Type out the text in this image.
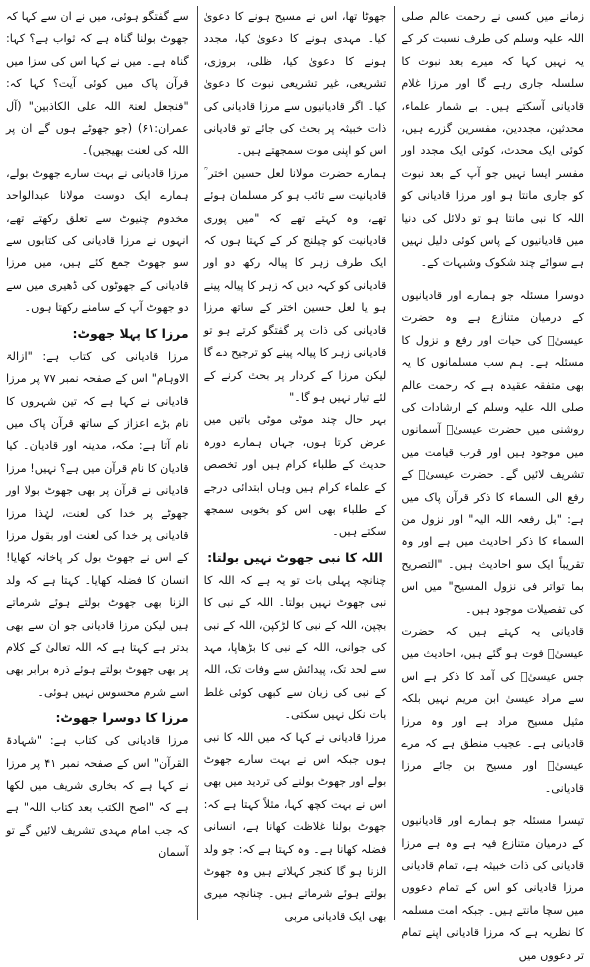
زمانے میں کسی نے رحمت عالم صلی اللہ علیہ وسلم کی طرف نسبت کر کے یہ نہیں کہا کہ میرے بعد نبوت کا سلسلہ جاری رہے گا اور مرزا غلام قادیانی آسکتے ہیں۔ بے شمار علماء، محدثین، مجددین، مفسرین گزرے ہیں، کوئی ایک محدث، کوئی ایک مجدد اور مفسر ایسا نہیں جو آپ کے بعد نبوت کو جاری مانتا ہو اور مرزا قادیانی کو اللہ کا نبی مانتا ہو تو دلائل کی دنیا میں قادیانیوں کے پاس کوئی دلیل نہیں ہے سوائے چند شکوک وشبہات کے۔

دوسرا مسئلہ جو ہمارے اور قادیانیوں کے درمیان متنازع ہے وہ حضرت عیسیٰؑ کی حیات اور رفع و نزول کا مسئلہ ہے۔ ہم سب مسلمانوں کا یہ بھی متفقہ عقیدہ ہے کہ رحمت عالم صلی اللہ علیہ وسلم کے ارشادات کی روشنی میں حضرت عیسیٰؑ آسمانوں میں موجود ہیں اور قرب قیامت میں تشریف لائیں گے۔ حضرت عیسیٰؑ کے رفع الی السماء کا ذکر قرآن پاک میں ہے: "بل رفعہ اللہ الیہ" اور نزول من السماء کا ذکر احادیث میں ہے اور وہ تقریباً ایک سو احادیث ہیں۔ "التصریح بما تواتر فی نزول المسیح" میں اس کی تفصیلات موجود ہیں۔

قادیانی یہ کہتے ہیں کہ حضرت عیسیٰؑ فوت ہو گئے ہیں، احادیث میں جس عیسیٰؑ کی آمد کا ذکر ہے اس سے مراد عیسیٰ ابن مریم نہیں بلکہ مثیل مسیح مراد ہے اور وہ مرزا قادیانی ہے۔ عجیب منطق ہے کہ مرے عیسیٰؑ اور مسیح بن جائے مرزا قادیانی۔

تیسرا مسئلہ جو ہمارے اور قادیانیوں کے درمیان متنازع فیہ ہے وہ ہے مرزا قادیانی کی ذات خبیثہ ہے، تمام قادیانی مرزا قادیانی کو اس کے تمام دعووں میں سچا مانتے ہیں۔ جبکہ امت مسلمہ کا نظریہ ہے کہ مرزا قادیانی اپنے تمام تر دعووں میں

جھوٹا تھا، اس نے مسیح ہونے کا دعویٰ کیا۔ مہدی ہونے کا دعویٰ کیا، مجدد ہونے کا دعویٰ کیا، ظلی، بروزی، تشریعی، غیر تشریعی نبوت کا دعویٰ کیا۔ اگر قادیانیوں سے مرزا قادیانی کی ذات خبیثہ پر بحث کی جائے تو قادیانی اس کو اپنی موت سمجھتے ہیں۔

ہمارے حضرت مولانا لعل حسین اختر ؒ قادیانیت سے تائب ہو کر مسلمان ہوئے تھے، وہ کہتے تھے کہ "میں پوری قادیانیت کو چیلنج کر کے کہتا ہوں کہ ایک طرف زہر کا پیالہ رکھ دو اور قادیانی کو کہہ دیں کہ زہر کا پیالہ پینے ہو یا لعل حسین اختر کے ساتھ مرزا قادیانی کی ذات پر گفتگو کرتے ہو تو قادیانی زہر کا پیالہ پینے کو ترجیح دے گا لیکن مرزا کے کردار پر بحث کرنے کے لئے تیار نہیں ہو گا۔"

بہر حال چند موٹی موٹی باتیں میں عرض کرتا ہوں، جہاں ہمارے دورہ حدیث کے طلباء کرام ہیں اور تخصص کے علماء کرام ہیں وہاں ابتدائی درجے کے طلباء بھی اس کو بخوبی سمجھ سکتے ہیں۔

اللہ کا نبی جھوٹ نہیں بولتا:

چنانچہ پہلی بات تو یہ ہے کہ اللہ کا نبی جھوٹ نہیں بولتا۔ اللہ کے نبی کا بچپن، اللہ کے نبی کا لڑکپن، اللہ کے نبی کی جوانی، اللہ کے نبی کا بڑھاپا، مہد سے لحد تک، پیدائش سے وفات تک، اللہ کے نبی کی زبان سے کبھی کوئی غلط بات نکل نہیں سکتی۔

مرزا قادیانی نے کہا کہ میں اللہ کا نبی ہوں جبکہ اس نے بہت سارے جھوٹ بولے اور جھوٹ بولنے کی تردید میں بھی اس نے بہت کچھ کہا، مثلاً کہتا ہے کہ: جھوٹ بولنا غلاظت کھانا ہے، انسانی فضلہ کھانا ہے۔ وہ کہتا ہے کہ: جو ولد الزنا ہو گا کنجر کہلاتے ہیں وہ جھوٹ بولتے ہوئے شرماتے ہیں۔ چنانچہ میری بھی ایک قادیانی مربی

سے گفتگو ہوئی، میں نے ان سے کہا کہ جھوٹ بولنا گناہ ہے کہ ثواب ہے؟ کہا: گناہ ہے۔ میں نے کہا اس کی سزا میں قرآن پاک میں کوئی آیت؟ کہا کہ: "فنجعل لعنۃ اللہ علی الکاذبین" (آل عمران:۶۱) (جو جھوٹے ہوں گے ان پر اللہ کی لعنت بھیجیں)۔

مرزا قادیانی نے بہت سارے جھوٹ بولے، ہمارے ایک دوست مولانا عبدالواحد مخدوم چنیوٹ سے تعلق رکھتے تھے، انہوں نے مرزا قادیانی کی کتابوں سے سو جھوٹ جمع کئے ہیں، میں مرزا قادیانی کے جھوٹوں کی ڈھیری میں سے دو جھوٹ آپ کے سامنے رکھتا ہوں۔

مرزا کا پہلا جھوٹ:

مرزا قادیانی کی کتاب ہے: "ازالۃ الاوہام" اس کے صفحہ نمبر ۷۷ پر مرزا قادیانی نے کہا ہے کہ تین شہروں کا نام بڑے اعزاز کے ساتھ قرآن پاک میں نام آتا ہے: مکہ، مدینہ اور قادیان۔ کیا قادیان کا نام قرآن میں ہے؟ نہیں! مرزا قادیانی نے قرآن پر بھی جھوٹ بولا اور جھوٹے پر خدا کی لعنت، لہٰذا مرزا قادیانی پر خدا کی لعنت اور بقول مرزا کے اس نے جھوٹ بول کر پاخانہ کھایا! انسان کا فضلہ کھایا۔ کہتا ہے کہ ولد الزنا بھی جھوٹ بولتے ہوئے شرماتے ہیں لیکن مرزا قادیانی جو ان سے بھی بدتر ہے کہتا ہے کہ اللہ تعالیٰ کے کلام پر بھی جھوٹ بولتے ہوئے ذرہ برابر بھی اسے شرم محسوس نہیں ہوئی۔

مرزا کا دوسرا جھوٹ:

مرزا قادیانی کی کتاب ہے: "شہادۃ القرآن" اس کے صفحہ نمبر ۴۱ پر مرزا نے کہا ہے کہ بخاری شریف میں لکھا ہے کہ "اصح الکتب بعد کتاب اللہ" ہے کہ جب امام مہدی تشریف لائیں گے تو آسمان
